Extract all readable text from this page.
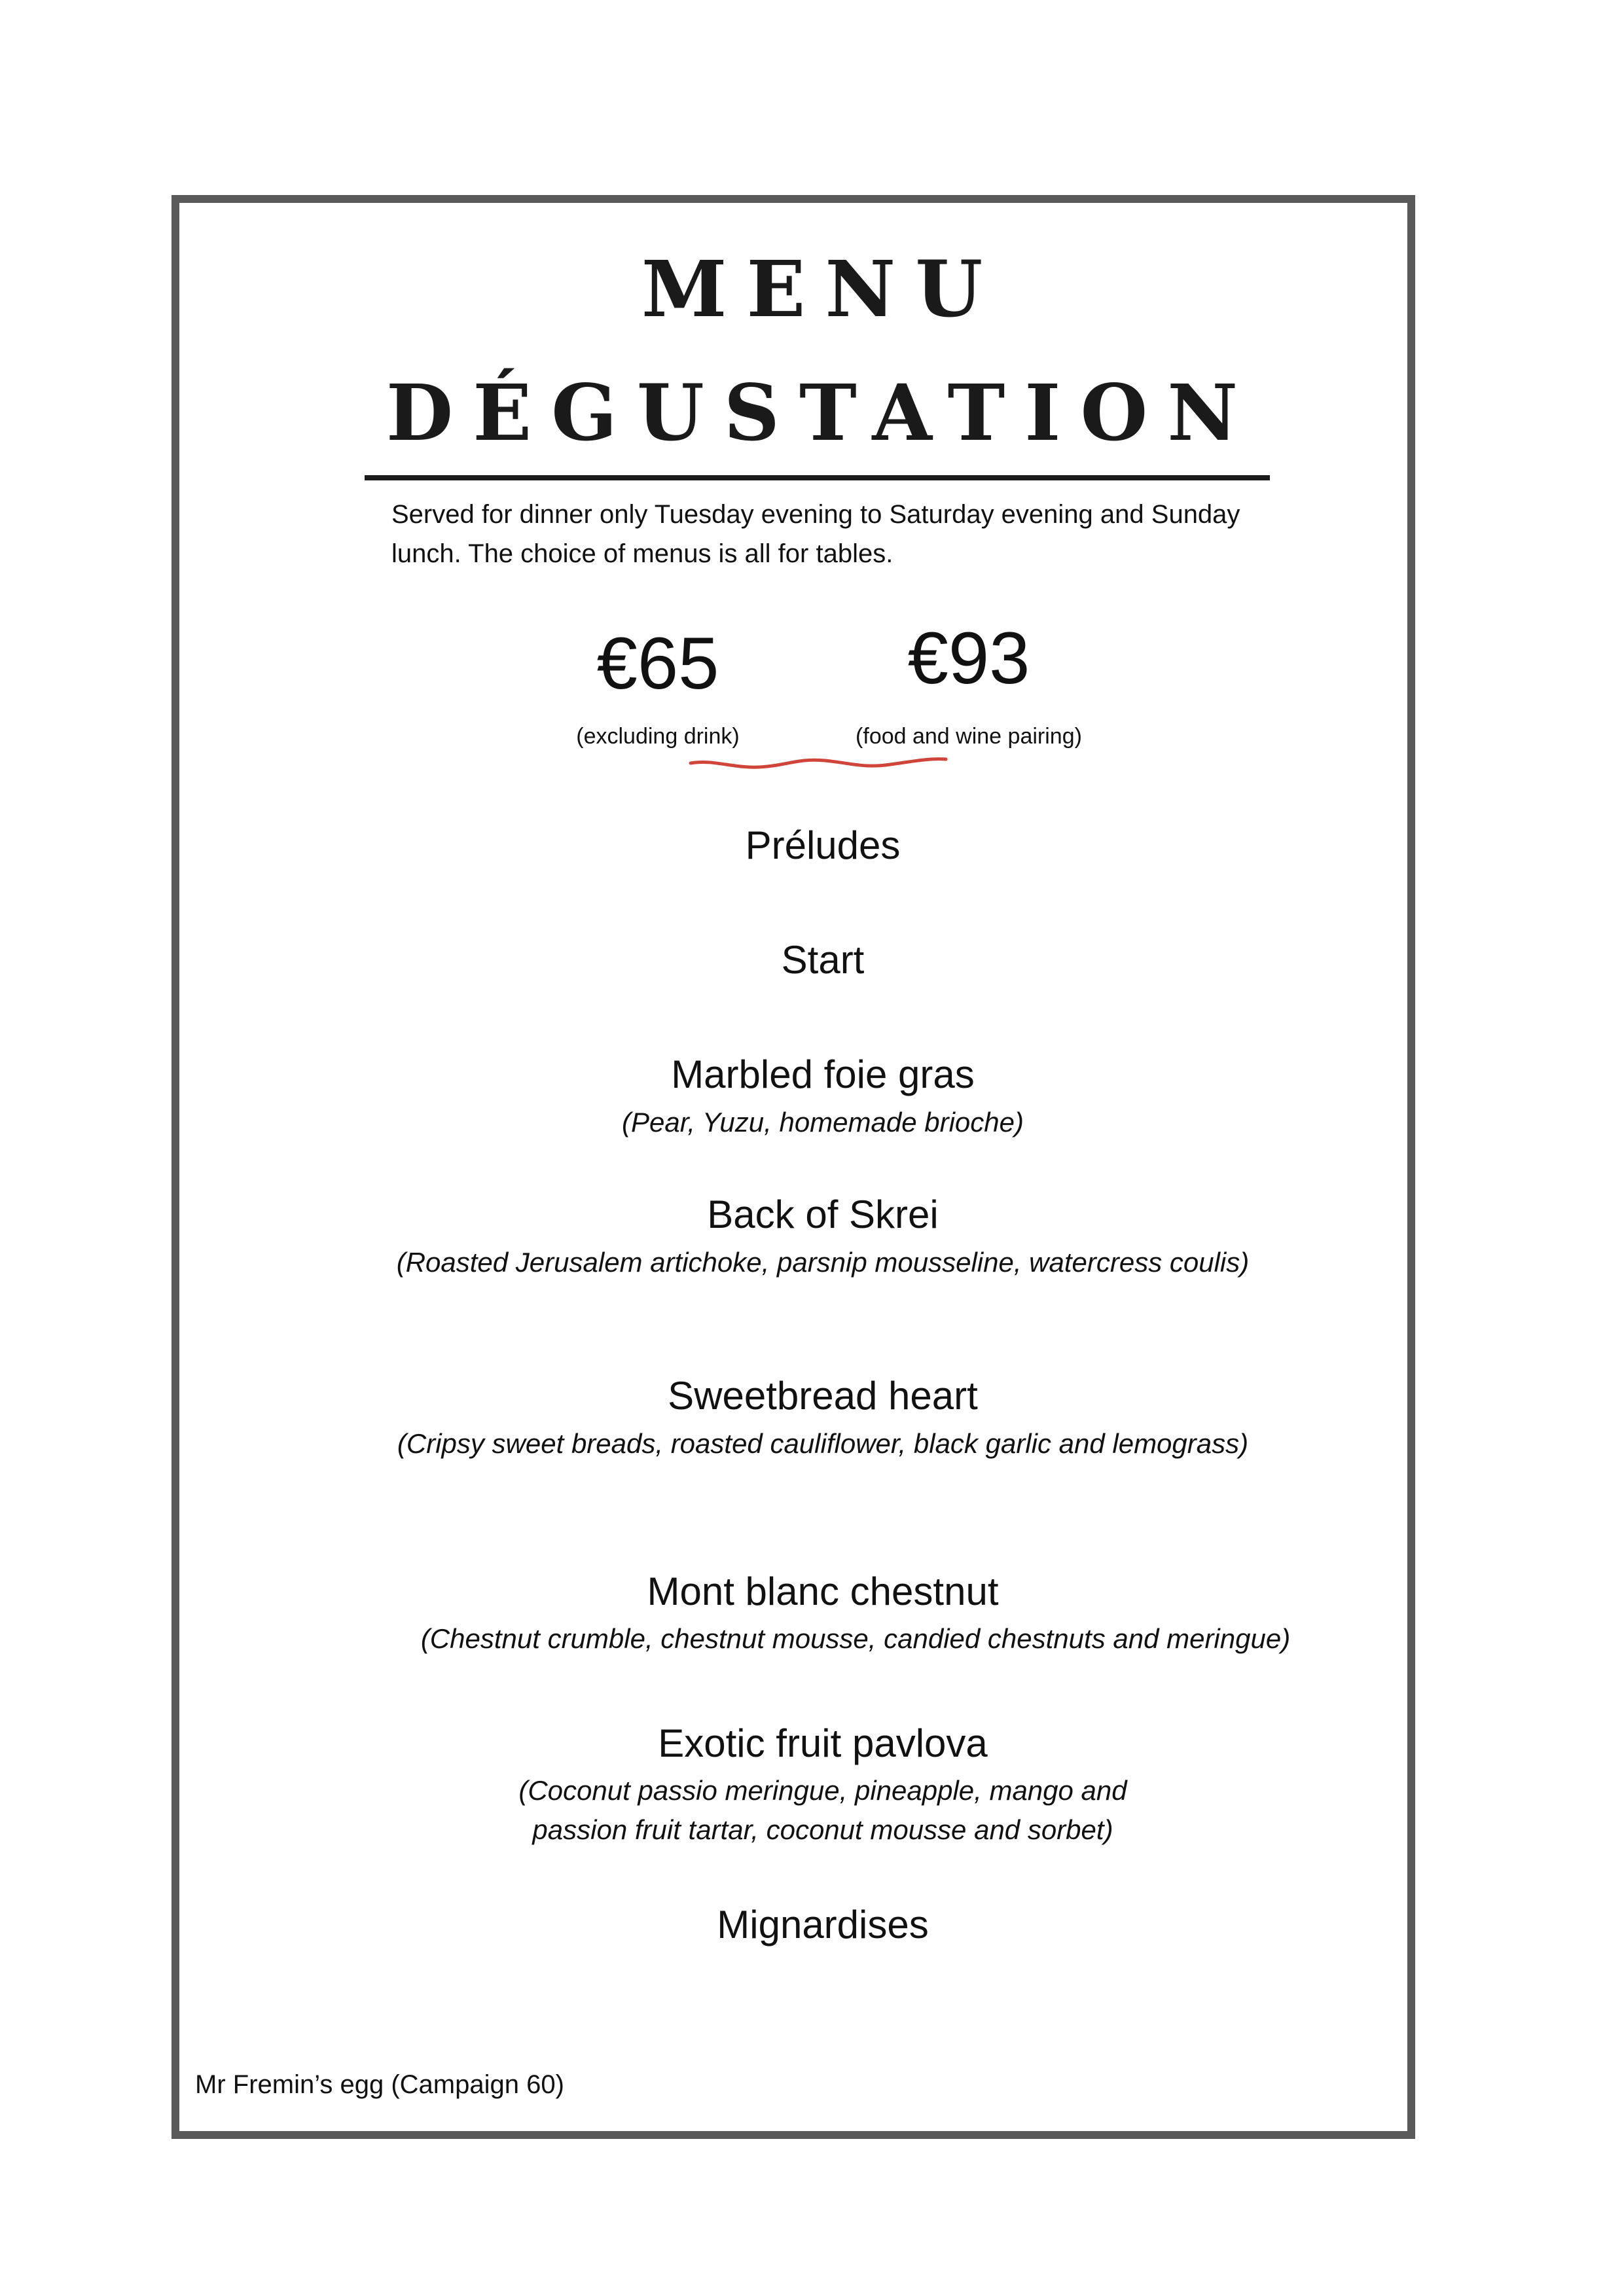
MENU
DÉGUSTATION

Served for dinner only Tuesday evening to Saturday evening and Sunday lunch. The choice of menus is all for tables.

€65
(excluding drink)
€93
(food and wine pairing)

Préludes

Start

Marbled foie gras

(Pear, Yuzu, homemade brioche)

Back of Skrei

(Roasted Jerusalem artichoke, parsnip mousseline, watercress coulis)

Sweetbread heart

(Cripsy sweet breads, roasted cauliflower, black garlic and lemograss)

Mont blanc chestnut

(Chestnut crumble, chestnut mousse, candied chestnuts and meringue)

Exotic fruit pavlova

(Coconut passio meringue, pineapple, mango and

passion fruit tartar, coconut mousse and sorbet)

Mignardises

Mr Fremin’s egg (Campaign 60)
